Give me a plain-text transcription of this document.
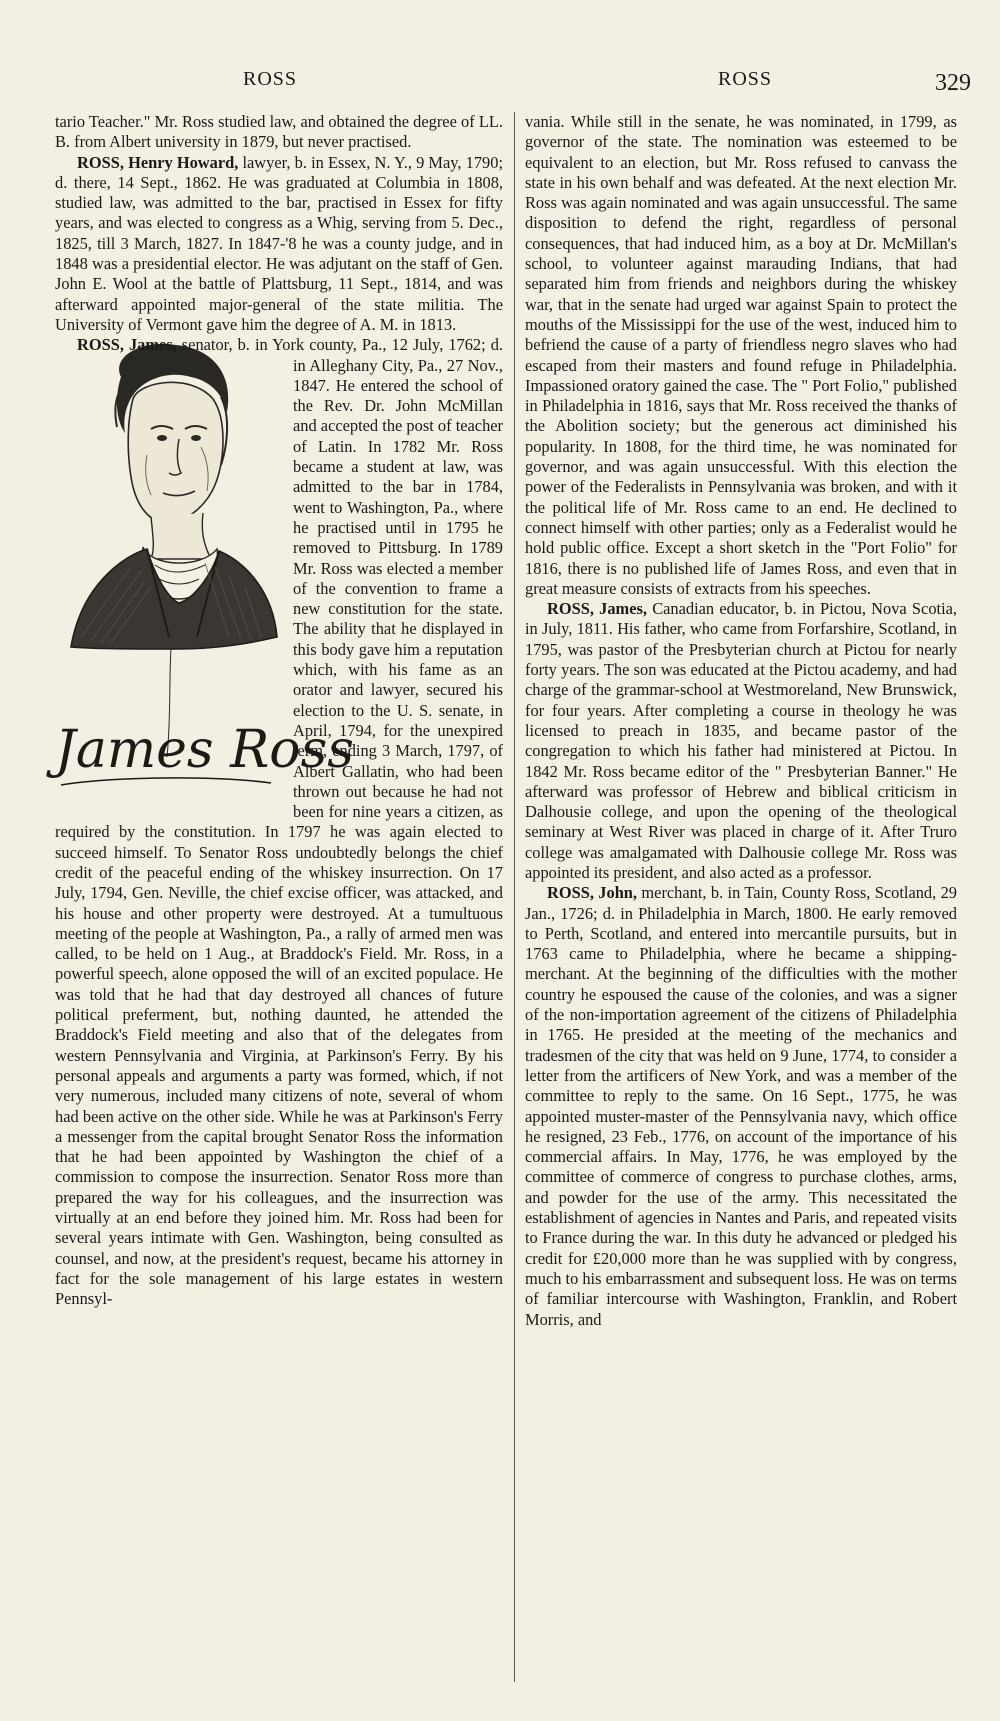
ROSS	ROSS	329

tario Teacher." Mr. Ross studied law, and obtained the degree of LL. B. from Albert university in 1879, but never practised.

ROSS, Henry Howard, lawyer, b. in Essex, N. Y., 9 May, 1790; d. there, 14 Sept., 1862. He was graduated at Columbia in 1808, studied law, was admitted to the bar, practised in Essex for fifty years, and was elected to congress as a Whig, serving from 5. Dec., 1825, till 3 March, 1827. In 1847-'8 he was a county judge, and in 1848 was a presidential elector. He was adjutant on the staff of Gen. John E. Wool at the battle of Plattsburg, 11 Sept., 1814, and was afterward appointed major-general of the state militia. The University of Vermont gave him the degree of A. M. in 1813.

ROSS, James,
James Ross
senator, b. in York county, Pa., 12 July, 1762; d. in Alleghany City, Pa., 27 Nov., 1847. He entered the school of the Rev. Dr. John McMillan and accepted the post of teacher of Latin. In 1782 Mr. Ross became a student at law, was admitted to the bar in 1784, went to Washington, Pa., where he practised until in 1795 he removed to Pittsburg. In 1789 Mr. Ross was elected a member of the convention to frame a new constitution for the state. The ability that he displayed in this body gave him a reputation which, with his fame as an orator and lawyer, secured his election to the U. S. senate, in April, 1794, for the unexpired term, ending 3 March, 1797, of Albert Gallatin, who had been thrown out because he had not been for nine years a citizen, as required by the constitution. In 1797 he was again elected to succeed himself. To Senator Ross undoubtedly belongs the chief credit of the peaceful ending of the whiskey insurrection. On 17 July, 1794, Gen. Neville, the chief excise officer, was attacked, and his house and other property were destroyed. At a tumultuous meeting of the people at Washington, Pa., a rally of armed men was called, to be held on 1 Aug., at Braddock's Field. Mr. Ross, in a powerful speech, alone opposed the will of an excited populace. He was told that he had that day destroyed all chances of future political preferment, but, nothing daunted, he attended the Braddock's Field meeting and also that of the delegates from western Pennsylvania and Virginia, at Parkinson's Ferry. By his personal appeals and arguments a party was formed, which, if not very numerous, included many citizens of note, several of whom had been active on the other side. While he was at Parkinson's Ferry a messenger from the capital brought Senator Ross the information that he had been appointed by Washington the chief of a commission to compose the insurrection. Senator Ross more than prepared the way for his colleagues, and the insurrection was virtually at an end before they joined him. Mr. Ross had been for several years intimate with Gen. Washington, being consulted as counsel, and now, at the president's request, became his attorney in fact for the sole management of his large estates in western Pennsyl-

vania. While still in the senate, he was nominated, in 1799, as governor of the state. The nomination was esteemed to be equivalent to an election, but Mr. Ross refused to canvass the state in his own behalf and was defeated. At the next election Mr. Ross was again nominated and was again unsuccessful. The same disposition to defend the right, regardless of personal consequences, that had induced him, as a boy at Dr. McMillan's school, to volunteer against marauding Indians, that had separated him from friends and neighbors during the whiskey war, that in the senate had urged war against Spain to protect the mouths of the Mississippi for the use of the west, induced him to befriend the cause of a party of friendless negro slaves who had escaped from their masters and found refuge in Philadelphia. Impassioned oratory gained the case. The " Port Folio," published in Philadelphia in 1816, says that Mr. Ross received the thanks of the Abolition society; but the generous act diminished his popularity. In 1808, for the third time, he was nominated for governor, and was again unsuccessful. With this election the power of the Federalists in Pennsylvania was broken, and with it the political life of Mr. Ross came to an end. He declined to connect himself with other parties; only as a Federalist would he hold public office. Except a short sketch in the "Port Folio" for 1816, there is no published life of James Ross, and even that in great measure consists of extracts from his speeches.

ROSS, James, Canadian educator, b. in Pictou, Nova Scotia, in July, 1811. His father, who came from Forfarshire, Scotland, in 1795, was pastor of the Presbyterian church at Pictou for nearly forty years. The son was educated at the Pictou academy, and had charge of the grammar-school at Westmoreland, New Brunswick, for four years. After completing a course in theology he was licensed to preach in 1835, and became pastor of the congregation to which his father had ministered at Pictou. In 1842 Mr. Ross became editor of the " Presbyterian Banner." He afterward was professor of Hebrew and biblical criticism in Dalhousie college, and upon the opening of the theological seminary at West River was placed in charge of it. After Truro college was amalgamated with Dalhousie college Mr. Ross was appointed its president, and also acted as a professor.

ROSS, John, merchant, b. in Tain, County Ross, Scotland, 29 Jan., 1726; d. in Philadelphia in March, 1800. He early removed to Perth, Scotland, and entered into mercantile pursuits, but in 1763 came to Philadelphia, where he became a shipping-merchant. At the beginning of the difficulties with the mother country he espoused the cause of the colonies, and was a signer of the non-importation agreement of the citizens of Philadelphia in 1765. He presided at the meeting of the mechanics and tradesmen of the city that was held on 9 June, 1774, to consider a letter from the artificers of New York, and was a member of the committee to reply to the same. On 16 Sept., 1775, he was appointed muster-master of the Pennsylvania navy, which office he resigned, 23 Feb., 1776, on account of the importance of his commercial affairs. In May, 1776, he was employed by the committee of commerce of congress to purchase clothes, arms, and powder for the use of the army. This necessitated the establishment of agencies in Nantes and Paris, and repeated visits to France during the war. In this duty he advanced or pledged his credit for £20,000 more than he was supplied with by congress, much to his embarrassment and subsequent loss. He was on terms of familiar intercourse with Washington, Franklin, and Robert Morris, and
